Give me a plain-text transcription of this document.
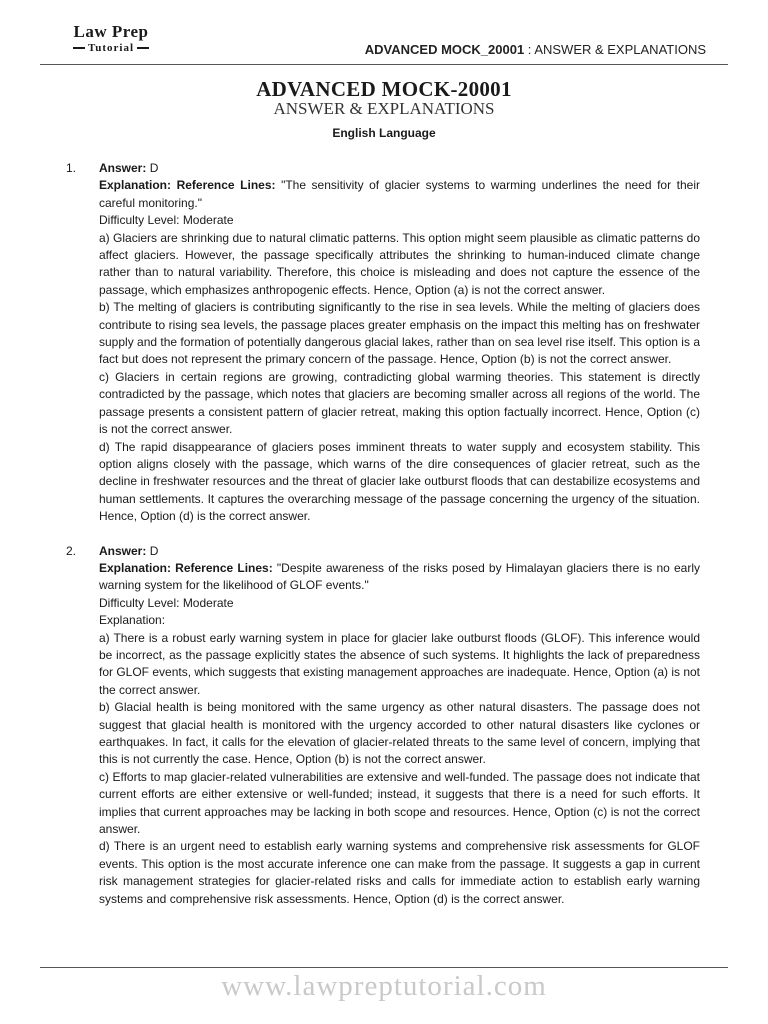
Law Prep
Tutorial	ADVANCED MOCK_20001 : ANSWER & EXPLANATIONS
ADVANCED MOCK-20001
ANSWER & EXPLANATIONS
English Language
1.	Answer: D

Explanation: Reference Lines: "The sensitivity of glacier systems to warming underlines the need for their careful monitoring."

Difficulty Level: Moderate

a) Glaciers are shrinking due to natural climatic patterns. This option might seem plausible as climatic patterns do affect glaciers. However, the passage specifically attributes the shrinking to human-induced climate change rather than to natural variability. Therefore, this choice is misleading and does not capture the essence of the passage, which emphasizes anthropogenic effects. Hence, Option (a) is not the correct answer.

b) The melting of glaciers is contributing significantly to the rise in sea levels. While the melting of glaciers does contribute to rising sea levels, the passage places greater emphasis on the impact this melting has on freshwater supply and the formation of potentially dangerous glacial lakes, rather than on sea level rise itself. This option is a fact but does not represent the primary concern of the passage. Hence, Option (b) is not the correct answer.

c) Glaciers in certain regions are growing, contradicting global warming theories. This statement is directly contradicted by the passage, which notes that glaciers are becoming smaller across all regions of the world. The passage presents a consistent pattern of glacier retreat, making this option factually incorrect. Hence, Option (c) is not the correct answer.

d) The rapid disappearance of glaciers poses imminent threats to water supply and ecosystem stability. This option aligns closely with the passage, which warns of the dire consequences of glacier retreat, such as the decline in freshwater resources and the threat of glacier lake outburst floods that can destabilize ecosystems and human settlements. It captures the overarching message of the passage concerning the urgency of the situation. Hence, Option (d) is the correct answer.

2.	Answer: D

Explanation: Reference Lines: "Despite awareness of the risks posed by Himalayan glaciers there is no early warning system for the likelihood of GLOF events."

Difficulty Level: Moderate

Explanation:

a) There is a robust early warning system in place for glacier lake outburst floods (GLOF). This inference would be incorrect, as the passage explicitly states the absence of such systems. It highlights the lack of preparedness for GLOF events, which suggests that existing management approaches are inadequate. Hence, Option (a) is not the correct answer.

b) Glacial health is being monitored with the same urgency as other natural disasters. The passage does not suggest that glacial health is monitored with the urgency accorded to other natural disasters like cyclones or earthquakes. In fact, it calls for the elevation of glacier-related threats to the same level of concern, implying that this is not currently the case. Hence, Option (b) is not the correct answer.

c) Efforts to map glacier-related vulnerabilities are extensive and well-funded. The passage does not indicate that current efforts are either extensive or well-funded; instead, it suggests that there is a need for such efforts. It implies that current approaches may be lacking in both scope and resources. Hence, Option (c) is not the correct answer.

d) There is an urgent need to establish early warning systems and comprehensive risk assessments for GLOF events. This option is the most accurate inference one can make from the passage. It suggests a gap in current risk management strategies for glacier-related risks and calls for immediate action to establish early warning systems and comprehensive risk assessments. Hence, Option (d) is the correct answer.

www.lawpreptutorial.com
